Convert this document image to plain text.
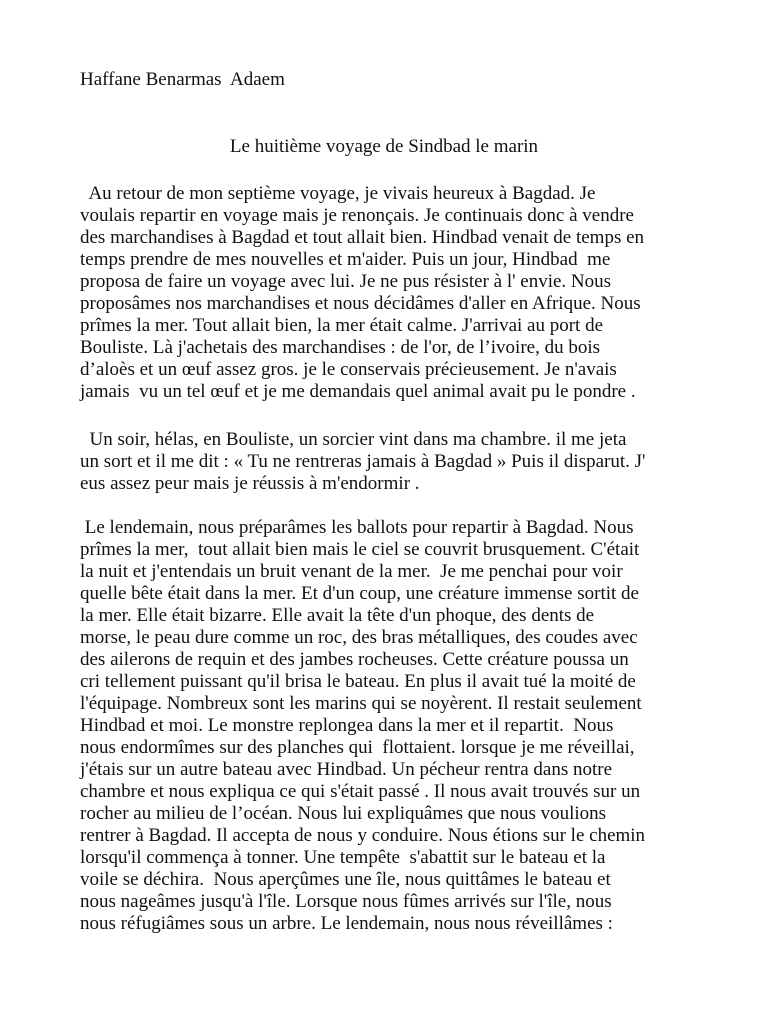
Haffane Benarmas  Adaem
Le huitième voyage de Sindbad le marin
Au retour de mon septième voyage, je vivais heureux à Bagdad. Je
voulais repartir en voyage mais je renonçais. Je continuais donc à vendre
des marchandises à Bagdad et tout allait bien. Hindbad venait de temps en
temps prendre de mes nouvelles et m'aider. Puis un jour, Hindbad  me
proposa de faire un voyage avec lui. Je ne pus résister à l' envie. Nous
proposâmes nos marchandises et nous décidâmes d'aller en Afrique. Nous
prîmes la mer. Tout allait bien, la mer était calme. J'arrivai au port de
Bouliste. Là j'achetais des marchandises : de l'or, de l’ivoire, du bois
d’aloès et un œuf assez gros. je le conservais précieusement. Je n'avais
jamais  vu un tel œuf et je me demandais quel animal avait pu le pondre .
Un soir, hélas, en Bouliste, un sorcier vint dans ma chambre. il me jeta
un sort et il me dit : « Tu ne rentreras jamais à Bagdad » Puis il disparut. J'
eus assez peur mais je réussis à m'endormir .
Le lendemain, nous préparâmes les ballots pour repartir à Bagdad. Nous
prîmes la mer,  tout allait bien mais le ciel se couvrit brusquement. C'était
la nuit et j'entendais un bruit venant de la mer.  Je me penchai pour voir
quelle bête était dans la mer. Et d'un coup, une créature immense sortit de
la mer. Elle était bizarre. Elle avait la tête d'un phoque, des dents de
morse, le peau dure comme un roc, des bras métalliques, des coudes avec
des ailerons de requin et des jambes rocheuses. Cette créature poussa un
cri tellement puissant qu'il brisa le bateau. En plus il avait tué la moité de
l'équipage. Nombreux sont les marins qui se noyèrent. Il restait seulement
Hindbad et moi. Le monstre replongea dans la mer et il repartit.  Nous
nous endormîmes sur des planches qui  flottaient. lorsque je me réveillai,
j'étais sur un autre bateau avec Hindbad. Un pécheur rentra dans notre
chambre et nous expliqua ce qui s'était passé . Il nous avait trouvés sur un
rocher au milieu de l’océan. Nous lui expliquâmes que nous voulions
rentrer à Bagdad. Il accepta de nous y conduire. Nous étions sur le chemin
lorsqu'il commença à tonner. Une tempête  s'abattit sur le bateau et la
voile se déchira.  Nous aperçûmes une île, nous quittâmes le bateau et
nous nageâmes jusqu'à l'île. Lorsque nous fûmes arrivés sur l'île, nous
nous réfugiâmes sous un arbre. Le lendemain, nous nous réveillâmes :
